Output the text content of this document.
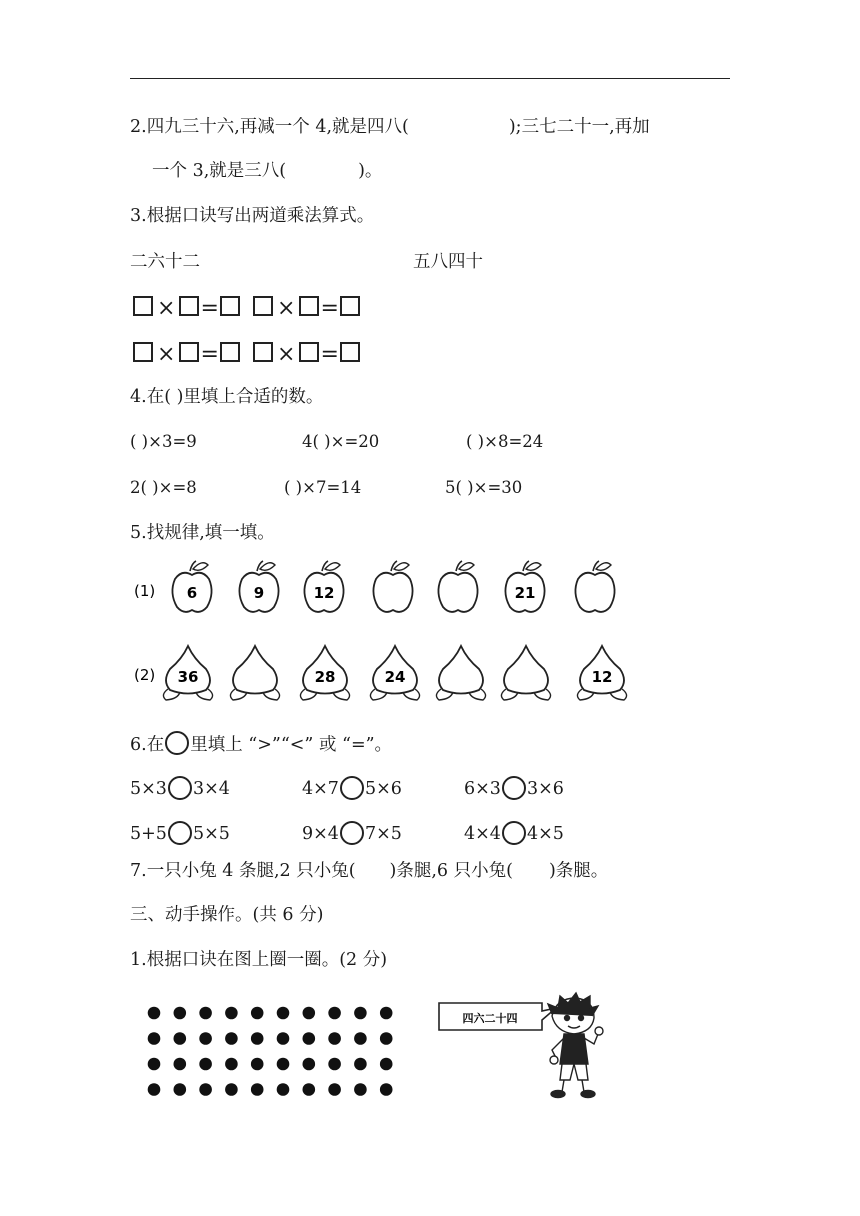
2.四九三十六,再减一个 4,就是四八(	);三七二十一,再加
一个 3,就是三八(	)。
3.根据口诀写出两道乘法算式。
二六十二	五八四十
× =	× =
× =	× =
4.在( )里填上合适的数。
( )×3=9	4( )×=20	( )×8=24
2( )×=8	( )×7=14	5( )×=30
5.找规律,填一填。
(1) 6	9	12	21
(2) 36	28	24	12
6.在 里填上 “>”“<” 或 “=”。
5×3 3×4	4×7 5×6	6×3 3×6
5+5 5×5	9×4 7×5	4×4 4×5
7.一只小兔 4 条腿,2 只小兔( )条腿,6 只小兔( )条腿。
三、动手操作。(共 6 分)
1.根据口诀在图上圈一圈。(2 分)
四六二十四
